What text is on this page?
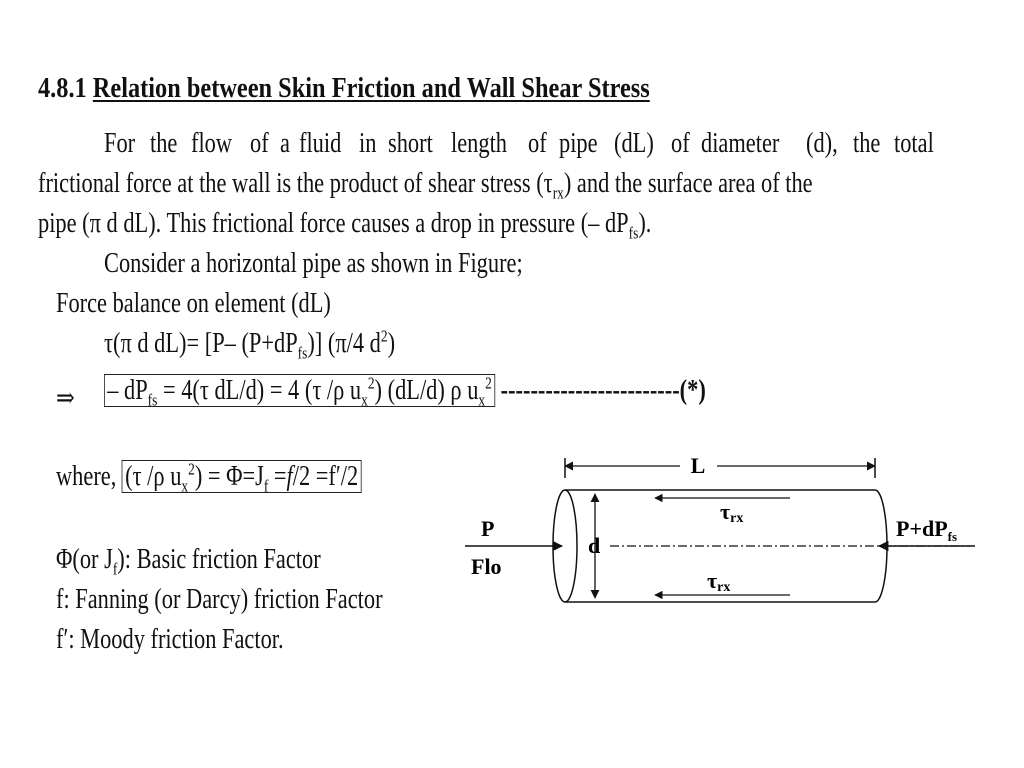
4.8.1 Relation between Skin Friction and Wall Shear Stress
For the flow of a fluid in short length of pipe (dL) of diameter (d), the total
frictional force at the wall is the product of shear stress $(\tau_{rx})$ and the surface area of the
pipe (π d dL). This frictional force causes a drop in pressure (– $dP_{fs}$).
Consider a horizontal pipe as shown in Figure;
Force balance on element (dL)
τ(π d dL)= [P– $(P+dP_{fs})$] (π/4 $d^2$)
⇒ – $dP_{fs} = 4(\tau$ dL/d) = 4 (τ /ρ $u_x^2$) (dL/d) ρ $u_x^2$ ------------------------(*)
where, (τ /ρ $u_x^2) = \Phi=J_f =f/2 =f'/2$
Φ(or $J_f$): Basic friction Factor
f: Fanning (or Darcy) friction Factor
f′: Moody friction Factor.
L
d
P
Flo
$P+dP_{fs}$
τrx
τrx
